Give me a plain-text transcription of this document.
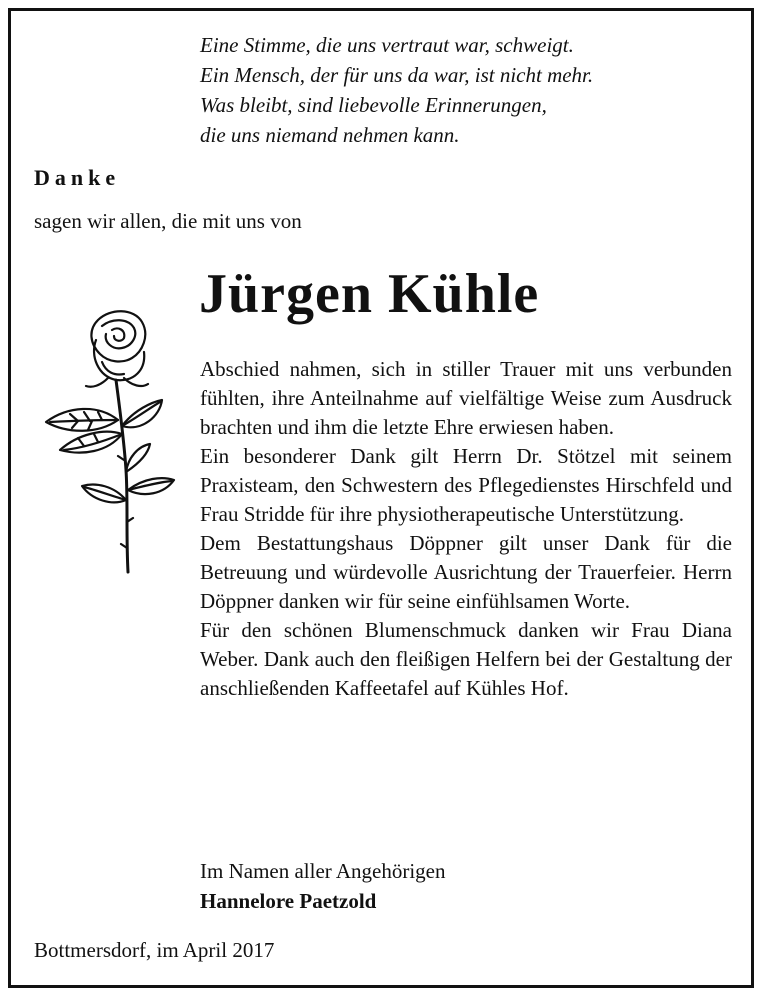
Eine Stimme, die uns vertraut war, schweigt.
Ein Mensch, der für uns da war, ist nicht mehr.
Was bleibt, sind liebevolle Erinnerungen,
die uns niemand nehmen kann.
Danke
sagen wir allen, die mit uns von
Jürgen Kühle

Abschied nahmen, sich in stiller Trauer mit uns verbunden fühlten, ihre Anteilnahme auf vielfältige Weise zum Ausdruck brachten und ihm die letzte Ehre erwiesen haben.

Ein besonderer Dank gilt Herrn Dr. Stötzel mit seinem Praxisteam, den Schwestern des Pflegedienstes Hirschfeld und Frau Stridde für ihre physiotherapeutische Unterstützung.

Dem Bestattungshaus Döppner gilt unser Dank für die Betreuung und würdevolle Ausrichtung der Trauerfeier. Herrn Döppner danken wir für seine einfühlsamen Worte.

Für den schönen Blumenschmuck danken wir Frau Diana Weber. Dank auch den fleißigen Helfern bei der Gestaltung der anschließenden Kaffeetafel auf Kühles Hof.

Im Namen aller Angehörigen
Hannelore Paetzold
Bottmersdorf, im April 2017
